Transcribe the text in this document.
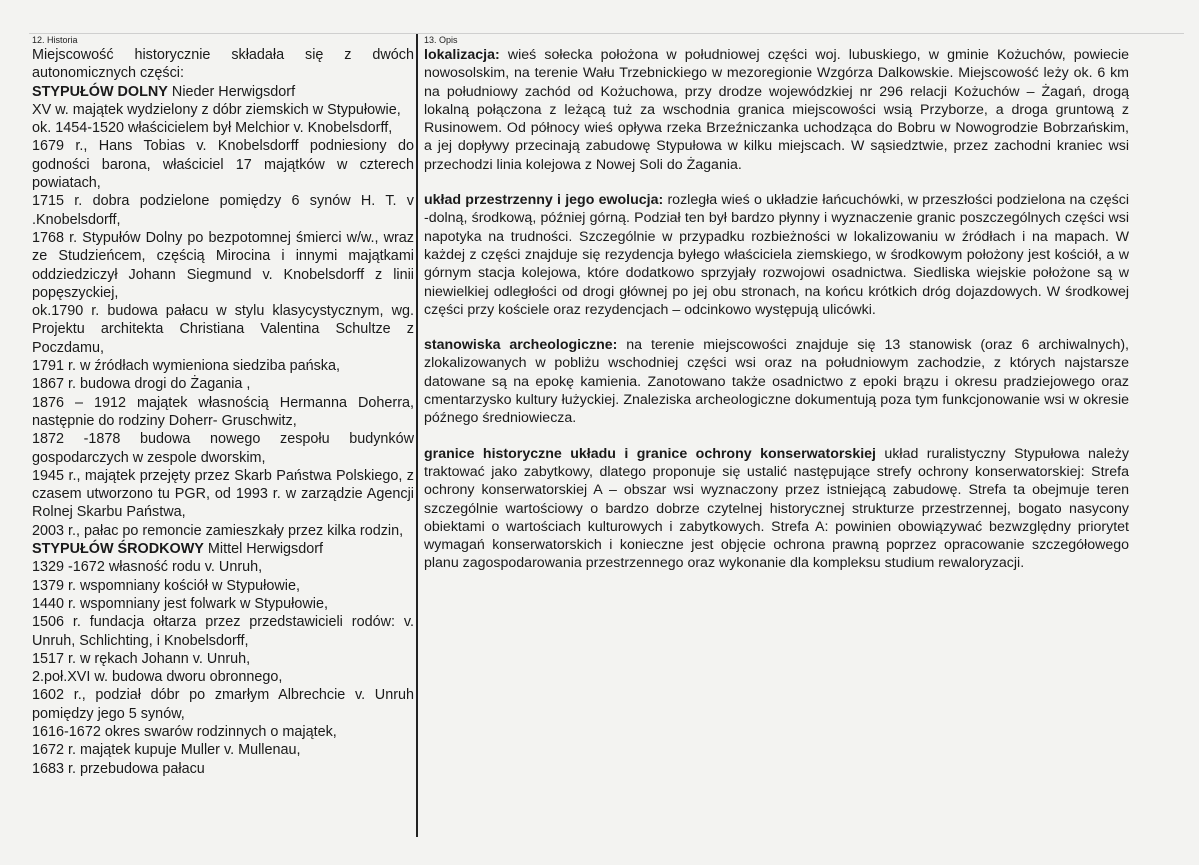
12. Historia

Miejscowość historycznie składała się z dwóch autonomicznych części:

STYPUŁÓW DOLNY Nieder Herwigsdorf

XV w. majątek wydzielony z dóbr ziemskich w Stypułowie,

ok. 1454-1520 właścicielem był Melchior v. Knobelsdorff,

1679 r., Hans Tobias v. Knobelsdorff podniesiony do godności barona, właściciel 17 majątków w czterech powiatach,

1715 r. dobra podzielone pomiędzy 6 synów H. T. v .Knobelsdorff,

1768 r. Stypułów Dolny po bezpotomnej śmierci w/w., wraz ze Studzieńcem, częścią Mirocina i innymi majątkami oddziedziczył Johann Siegmund v. Knobelsdorff z linii popęszyckiej,

ok.1790 r. budowa pałacu w stylu klasycystycznym, wg. Projektu architekta Christiana Valentina Schultze z Poczdamu,

1791 r. w źródłach wymieniona siedziba pańska,

1867 r. budowa drogi do Żagania ,

1876 – 1912 majątek własnością Hermanna Doherra, następnie do rodziny Doherr- Gruschwitz,

1872 -1878 budowa nowego zespołu budynków gospodarczych w zespole dworskim,

1945 r., majątek przejęty przez Skarb Państwa Polskiego, z czasem utworzono tu PGR, od 1993 r. w zarządzie Agencji Rolnej Skarbu Państwa,

2003 r., pałac po remoncie zamieszkały przez kilka rodzin,

STYPUŁÓW ŚRODKOWY Mittel Herwigsdorf

1329 -1672 własność rodu v. Unruh,

1379 r. wspomniany kościół w Stypułowie,

1440 r. wspomniany jest folwark w Stypułowie,

1506 r. fundacja ołtarza przez przedstawicieli rodów: v. Unruh, Schlichting, i Knobelsdorff,

1517 r. w rękach Johann v. Unruh,

2.poł.XVI w. budowa dworu obronnego,

1602 r., podział dóbr po zmarłym Albrechcie v. Unruh pomiędzy jego 5 synów,

1616-1672 okres swarów rodzinnych o majątek,

1672 r. majątek kupuje Muller v. Mullenau,

1683 r. przebudowa pałacu

13. Opis

lokalizacja: wieś sołecka położona w południowej części woj. lubuskiego, w gminie Kożuchów, powiecie nowosolskim, na terenie Wału Trzebnickiego w mezoregionie Wzgórza Dalkowskie. Miejscowość leży ok. 6 km na południowy zachód od Kożuchowa, przy drodze wojewódzkiej nr 296 relacji Kożuchów – Żagań, drogą lokalną połączona z leżącą tuż za wschodnia granica miejscowości wsią Przyborze, a droga gruntową z Rusinowem. Od północy wieś opływa rzeka Brzeźniczanka uchodząca do Bobru w Nowogrodzie Bobrzańskim, a jej dopływy przecinają zabudowę Stypułowa w kilku miejscach. W sąsiedztwie, przez zachodni kraniec wsi przechodzi linia kolejowa z Nowej Soli do Żagania.

układ przestrzenny i jego ewolucja: rozległa wieś o układzie łańcuchówki, w przeszłości podzielona na części -dolną, środkową, później górną. Podział ten był bardzo płynny i wyznaczenie granic poszczególnych części wsi napotyka na trudności. Szczególnie w przypadku rozbieżności w lokalizowaniu w źródłach i na mapach. W każdej z części znajduje się rezydencja byłego właściciela ziemskiego, w środkowym położony jest kościół, a w górnym stacja kolejowa, które dodatkowo sprzyjały rozwojowi osadnictwa. Siedliska wiejskie położone są w niewielkiej odległości od drogi głównej po jej obu stronach, na końcu krótkich dróg dojazdowych. W środkowej części przy kościele oraz rezydencjach – odcinkowo występują ulicówki.

stanowiska archeologiczne: na terenie miejscowości znajduje się 13 stanowisk (oraz 6 archiwalnych), zlokalizowanych w pobliżu wschodniej części wsi oraz na południowym zachodzie, z których najstarsze datowane są na epokę kamienia. Zanotowano także osadnictwo z epoki brązu i okresu pradziejowego oraz cmentarzysko kultury łużyckiej. Znaleziska archeologiczne dokumentują poza tym funkcjonowanie wsi w okresie późnego średniowiecza.

granice historyczne układu i granice ochrony konserwatorskiej układ ruralistyczny Stypułowa należy traktować jako zabytkowy, dlatego proponuje się ustalić następujące strefy ochrony konserwatorskiej: Strefa ochrony konserwatorskiej A – obszar wsi wyznaczony przez istniejącą zabudowę. Strefa ta obejmuje teren szczególnie wartościowy o bardzo dobrze czytelnej historycznej strukturze przestrzennej, bogato nasycony obiektami o wartościach kulturowych i zabytkowych. Strefa A: powinien obowiązywać bezwzględny priorytet wymagań konserwatorskich i konieczne jest objęcie ochrona prawną poprzez opracowanie szczegółowego planu zagospodarowania przestrzennego oraz wykonanie dla kompleksu studium rewaloryzacji.
